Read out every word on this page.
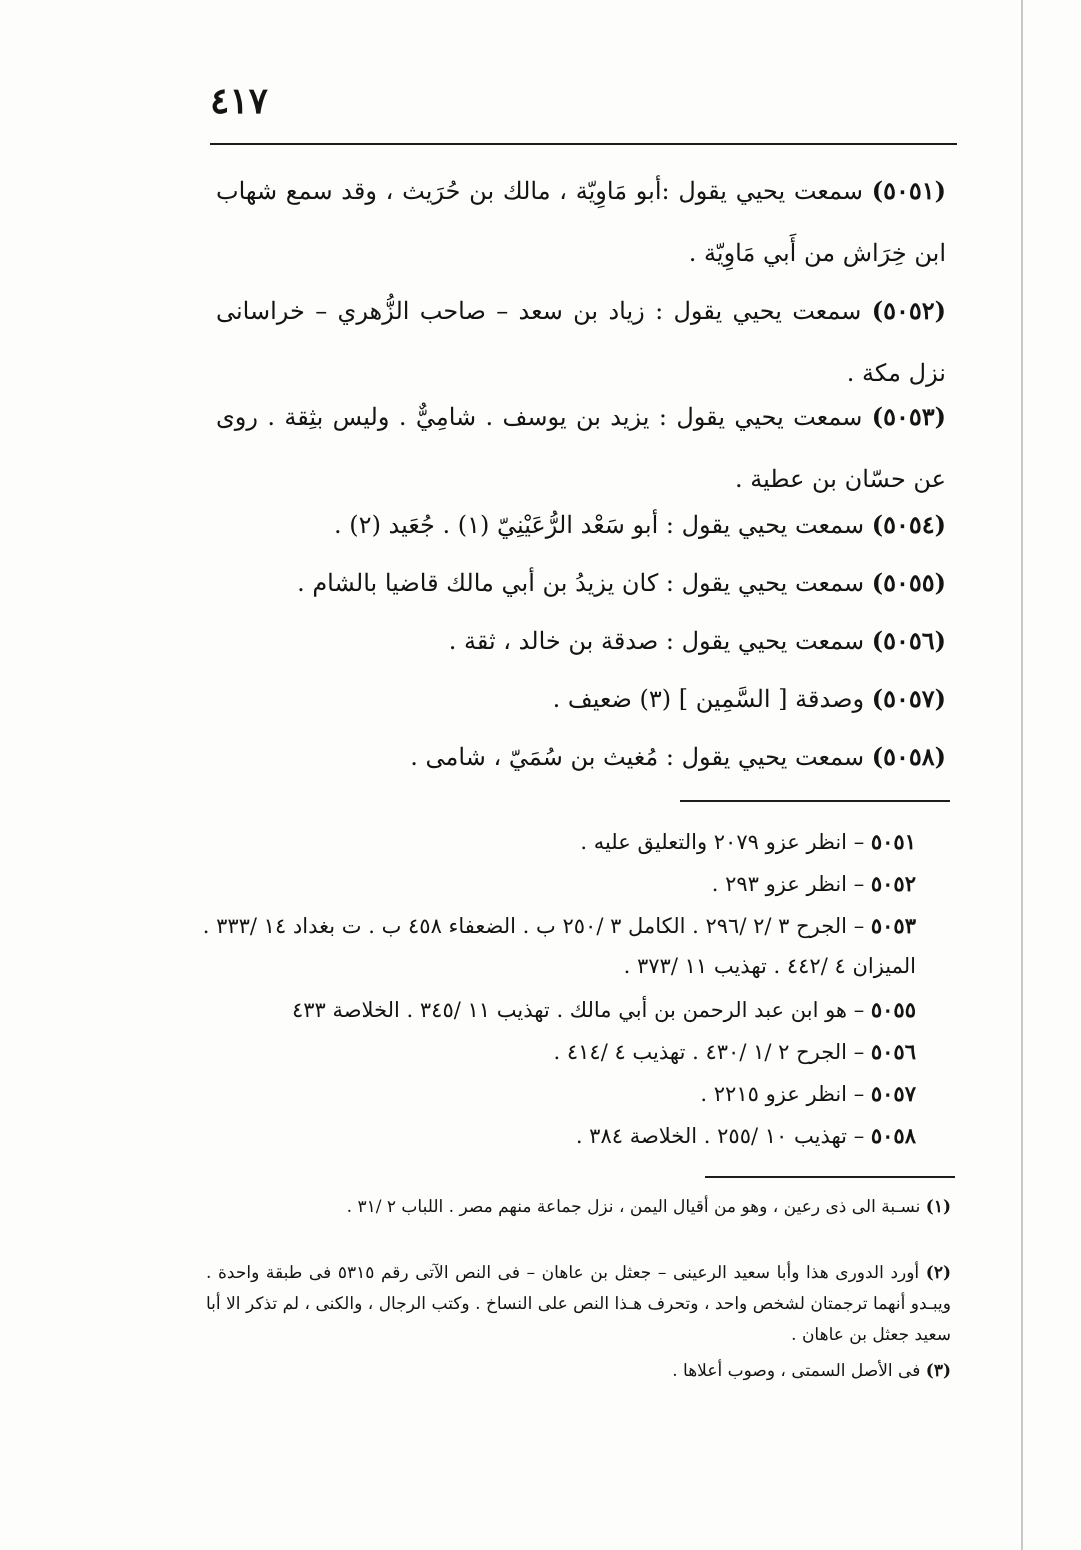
٤١٧

(٥٠٥١) سمعت يحيي يقول :أبو مَاوِيّة ، مالك بن حُرَيث ، وقد سمع شهاب ابن خِرَاش من أَبي مَاوِيّة .

(٥٠٥٢) سمعت يحيي يقول : زياد بن سعد – صاحب الزُّهري – خراسانى نزل مكة .

(٥٠٥٣) سمعت يحيي يقول : يزيد بن يوسف . شامِيٌّ . وليس بثِقة . روى عن حسّان بن عطية .

(٥٠٥٤) سمعت يحيي يقول : أبو سَعْد الرُّعَيْنِيّ (١) . جُعَيد (٢) .

(٥٠٥٥) سمعت يحيي يقول : كان يزيدُ بن أبي مالك قاضيا بالشام .

(٥٠٥٦) سمعت يحيي يقول : صدقة بن خالد ، ثقة .

(٥٠٥٧) وصدقة [ السَّمِين ] (٣) ضعيف .

(٥٠٥٨) سمعت يحيي يقول : مُغيث بن سُمَيّ ، شامى .

٥٠٥١ – انظر عزو ٢٠٧٩ والتعليق عليه .

٥٠٥٢ – انظر عزو ٢٩٣ .

٥٠٥٣ – الجرح ٣ /٢ /٢٩٦ . الكامل ٣ /٢٥٠ ب . الضعفاء ٤٥٨ ب . ت بغداد ١٤ /٣٣٣ . الميزان ٤ /٤٤٢ . تهذيب ١١ /٣٧٣ .

٥٠٥٥ – هو ابن عبد الرحمن بن أبي مالك . تهذيب ١١ /٣٤٥ . الخلاصة ٤٣٣

٥٠٥٦ – الجرح ٢ /١ /٤٣٠ . تهذيب ٤ /٤١٤ .

٥٠٥٧ – انظر عزو ٢٢١٥ .

٥٠٥٨ – تهذيب ١٠ /٢٥٥ . الخلاصة ٣٨٤ .

(١) نسـبة الى ذى رعين ، وهو من أقيال اليمن ، نزل جماعة منهم مصر . اللباب ٢ /٣١ .

(٢) أورد الدورى هذا وأبا سعيد الرعينى – جعثل بن عاهان – فى النص الآتى رقم ٥٣١٥ فى طبقة واحدة . ويبـدو أنهما ترجمتان لشخص واحد ، وتحرف هـذا النص على النساخ . وكتب الرجال ، والكنى ، لم تذكر الا أبا سعيد جعثل بن عاهان .

(٣) فى الأصل السمتى ، وصوب أعلاها .
